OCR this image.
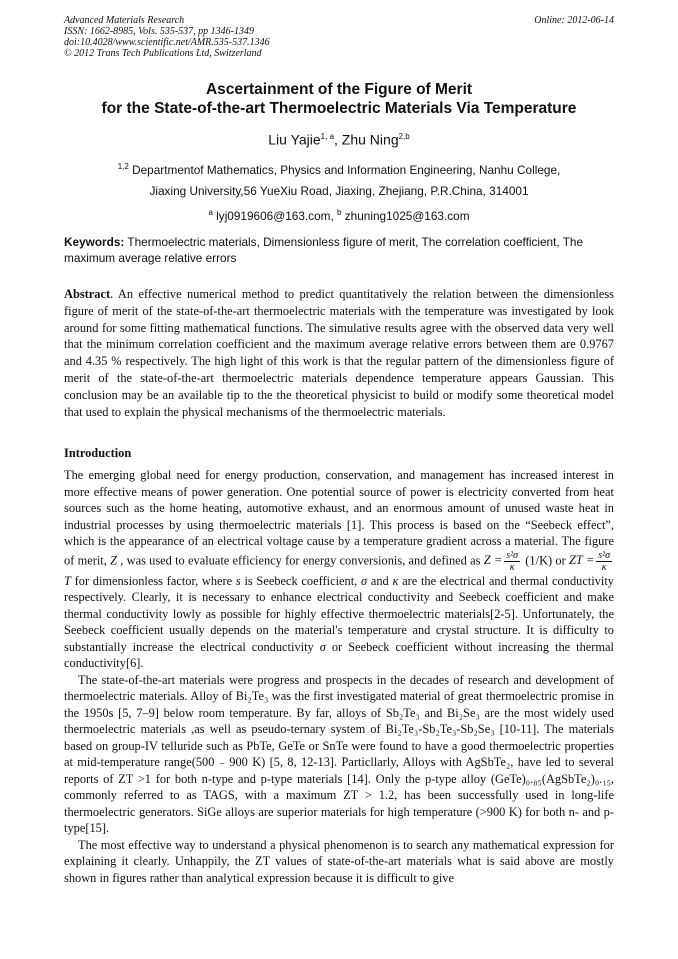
Advanced Materials Research
ISSN: 1662-8985, Vols. 535-537, pp 1346-1349
doi:10.4028/www.scientific.net/AMR.535-537.1346
© 2012 Trans Tech Publications Ltd, Switzerland
Online: 2012-06-14
Ascertainment of the Figure of Merit
for the State-of-the-art Thermoelectric Materials Via Temperature
Liu Yajie$^{1, a}$, Zhu Ning$^{2,b}$
$^{1,2}$ Departmentof Mathematics, Physics and Information Engineering, Nanhu College,
Jiaxing University,56 YueXiu Road, Jiaxing, Zhejiang, P.R.China, 314001
$^a$ lyj0919606@163.com, $^b$ zhuning1025@163.com
Keywords: Thermoelectric materials, Dimensionless figure of merit, The correlation coefficient, The maximum average relative errors
Abstract. An effective numerical method to predict quantitatively the relation between the dimensionless figure of merit of the state-of-the-art thermoelectric materials with the temperature was investigated by look around for some fitting mathematical functions. The simulative results agree with the observed data very well that the minimum correlation coefficient and the maximum average relative errors between them are 0.9767 and 4.35 % respectively. The high light of this work is that the regular pattern of the dimensionless figure of merit of the state-of-the-art thermoelectric materials dependence temperature appears Gaussian. This conclusion may be an available tip to the the theoretical physicist to build or modify some theoretical model that used to explain the physical mechanisms of the thermoelectric materials.
Introduction

The emerging global need for energy production, conservation, and management has increased interest in more effective means of power generation. One potential source of power is electricity converted from heat sources such as the home heating, automotive exhaust, and an enormous amount of unused waste heat in industrial processes by using thermoelectric materials [1]. This process is based on the “Seebeck effect”, which is the appearance of an electrical voltage cause by a temperature gradient across a material. The figure of merit, Z , was used to evaluate efficiency for energy conversionis, and defined as $Z = \frac{\text{s²σ}}{\kappa} (1/K)$ or ZT = $\frac{\text{s²σ}}{\kappa}$
T for dimensionless factor, where s is Seebeck coefficient, σ and κ are the electrical and thermal conductivity respectively. Clearly, it is necessary to enhance electrical conductivity and Seebeck coefficient and make thermal conductivity lowly as possible for highly effective thermoelectric materials[2-5]. Unfortunately, the Seebeck coefficient usually depends on the material's temperature and crystal structure. It is difficulty to substantially increase the electrical conductivity σ or Seebeck coefficient without increasing the thermal conductivity[6].

The state-of-the-art materials were progress and prospects in the decades of research and development of thermoelectric materials. Alloy of Bi₂Te₃ was the first investigated material of great thermoelectric promise in the 1950s [5, 7–9] below room temperature. By far, alloys of Sb₂Te₃ and Bi₂Se₃ are the most widely used thermoelectric materials ,as well as pseudo-ternary system of Bi₂Te₃-Sb₂Te₃-Sb₂Se₃ [10-11]. The materials based on group-IV telluride such as PbTe, GeTe or SnTe were found to have a good thermoelectric properties at mid-temperature range(500﹣900 K) [5, 8, 12-13]. Particllarly, Alloys with AgSbTe₂, have led to several reports of ZT >1 for both n-type and p-type materials [14]. Only the p-type alloy (GeTe)₀.₈₅(AgSbTe₂)₀.₁₅, commonly referred to as TAGS, with a maximum ZT > 1.2, has been successfully used in long-life thermoelectric generators. SiGe alloys are superior materials for high temperature (>900 K) for both n- and p-type[15].

The most effective way to understand a physical phenomenon is to search any mathematical expression for explaining it clearly. Unhappily, the ZT values of state-of-the-art materials what is said above are mostly shown in figures rather than analytical expression because it is difficult to give
